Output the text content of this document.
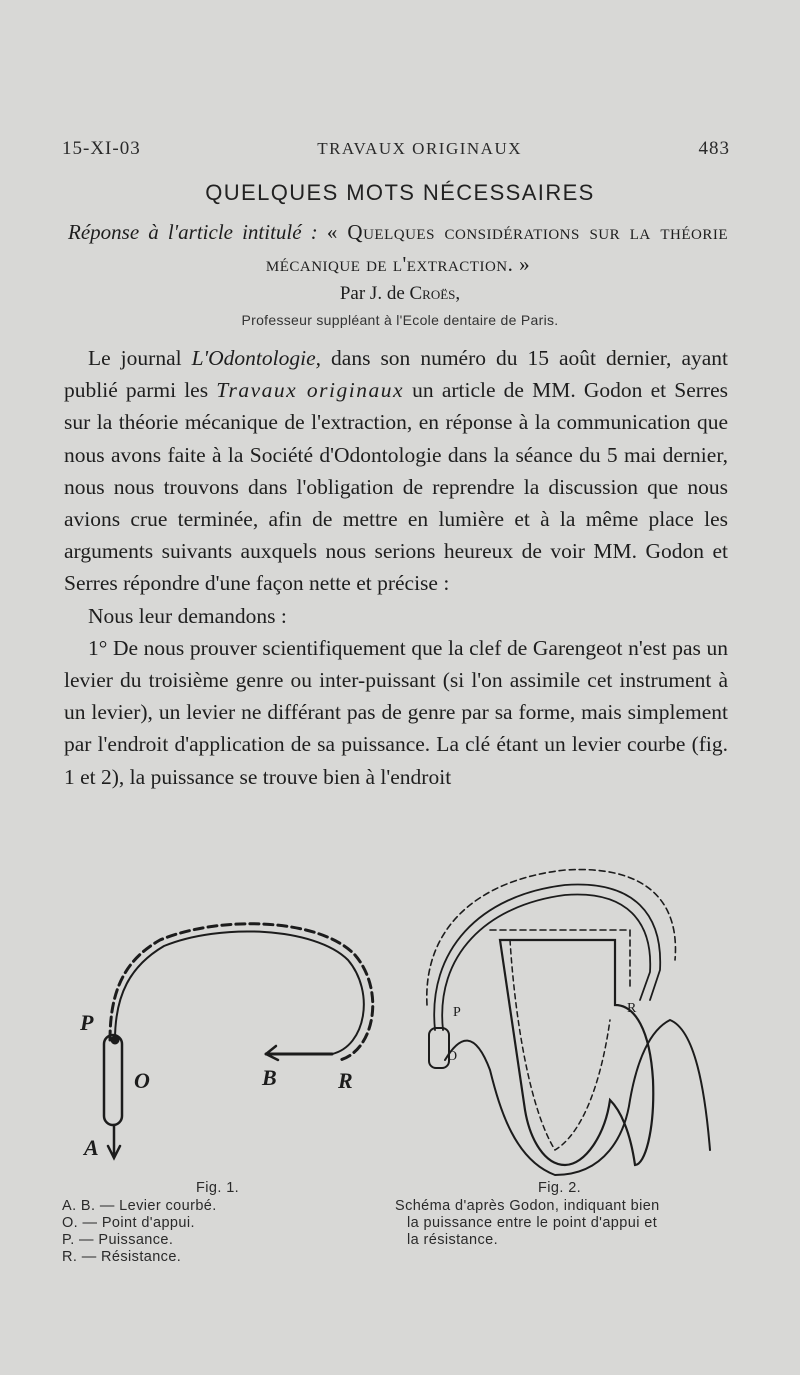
15-XI-03	TRAVAUX ORIGINAUX	483
QUELQUES MOTS NÉCESSAIRES
Réponse à l'article intitulé : « Quelques considérations sur la théorie mécanique de l'extraction. »
Par J. de Croës,
Professeur suppléant à l'Ecole dentaire de Paris.

Le journal L'Odontologie, dans son numéro du 15 août dernier, ayant publié parmi les Travaux originaux un article de MM. Godon et Serres sur la théorie mécanique de l'extraction, en réponse à la communication que nous avons faite à la Société d'Odontologie dans la séance du 5 mai dernier, nous nous trouvons dans l'obligation de reprendre la discussion que nous avions crue terminée, afin de mettre en lumière et à la même place les arguments suivants auxquels nous serions heureux de voir MM. Godon et Serres répondre d'une façon nette et précise :

Nous leur demandons :

1° De nous prouver scientifiquement que la clef de Garengeot n'est pas un levier du troisième genre ou inter-puissant (si l'on assimile cet instrument à un levier), un levier ne différant pas de genre par sa forme, mais simplement par l'endroit d'application de sa puissance. La clé étant un levier courbe (fig. 1 et 2), la puissance se trouve bien à l'endroit

P
O
A
B	R
P
O
R
Fig. 1.
A. B. — Levier courbé.
O. — Point d'appui.
P. — Puissance.
R. — Résistance.
Fig. 2.
Schéma d'après Godon, indiquant bien
la puissance entre le point d'appui et
la résistance.
